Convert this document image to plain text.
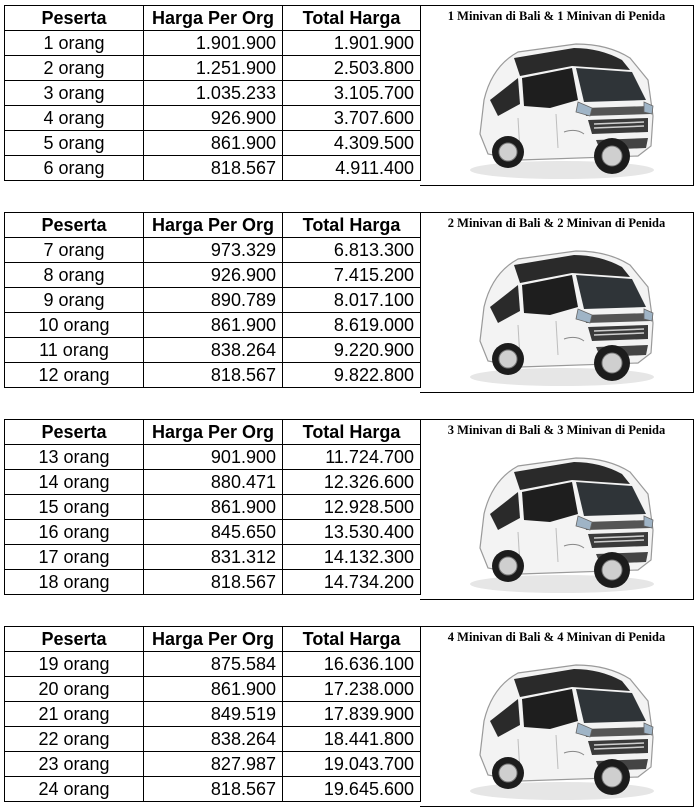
Peserta	Harga Per Org	Total Harga
1 orang	1.901.900	1.901.900
2 orang	1.251.900	2.503.800
3 orang	1.035.233	3.105.700
4 orang	926.900	3.707.600
5 orang	861.900	4.309.500
6 orang	818.567	4.911.400
1 Minivan di Bali & 1 Minivan di Penida
Peserta	Harga Per Org	Total Harga
7 orang	973.329	6.813.300
8 orang	926.900	7.415.200
9 orang	890.789	8.017.100
10 orang	861.900	8.619.000
11 orang	838.264	9.220.900
12 orang	818.567	9.822.800
2 Minivan di Bali & 2 Minivan di Penida
Peserta	Harga Per Org	Total Harga
13 orang	901.900	11.724.700
14 orang	880.471	12.326.600
15 orang	861.900	12.928.500
16 orang	845.650	13.530.400
17 orang	831.312	14.132.300
18 orang	818.567	14.734.200
3 Minivan di Bali & 3 Minivan di Penida
Peserta	Harga Per Org	Total Harga
19 orang	875.584	16.636.100
20 orang	861.900	17.238.000
21 orang	849.519	17.839.900
22 orang	838.264	18.441.800
23 orang	827.987	19.043.700
24 orang	818.567	19.645.600
4 Minivan di Bali & 4 Minivan di Penida
